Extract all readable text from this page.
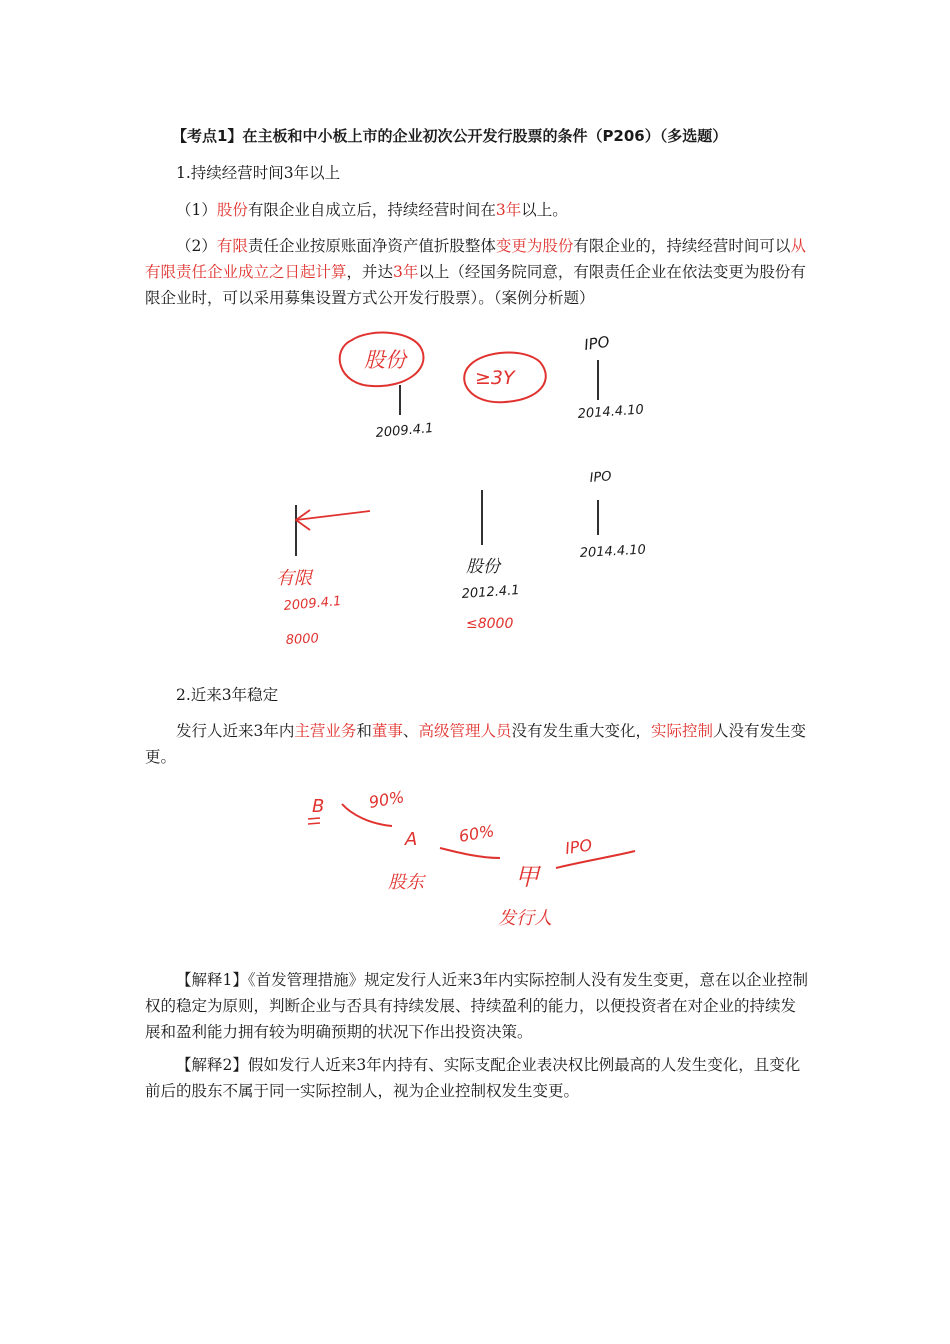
【考点1】在主板和中小板上市的企业初次公开发行股票的条件（P206）（多选题）
1.持续经营时间3年以上
（1）股份有限企业自成立后，持续经营时间在3年以上。
（2）有限责任企业按原账面净资产值折股整体变更为股份有限企业的，持续经营时间可以从有限责任企业成立之日起计算，并达3年以上（经国务院同意，有限责任企业在依法变更为股份有限企业时，可以采用募集设置方式公开发行股票）。（案例分析题）
股份
≥3Y
2009.4.1
IPO
2014.4.10
IPO
2014.4.10
有限
2009.4.1
8000
股份
2012.4.1
≤8000
2.近来3年稳定
发行人近来3年内主营业务和董事、高级管理人员没有发生重大变化，实际控制人没有发生变更。
B	90%
A
股东
60%
甲
IPO
发行人
【解释1】《首发管理措施》规定发行人近来3年内实际控制人没有发生变更，意在以企业控制权的稳定为原则，判断企业与否具有持续发展、持续盈利的能力，以便投资者在对企业的持续发展和盈利能力拥有较为明确预期的状况下作出投资决策。
【解释2】假如发行人近来3年内持有、实际支配企业表决权比例最高的人发生变化，且变化前后的股东不属于同一实际控制人，视为企业控制权发生变更。
